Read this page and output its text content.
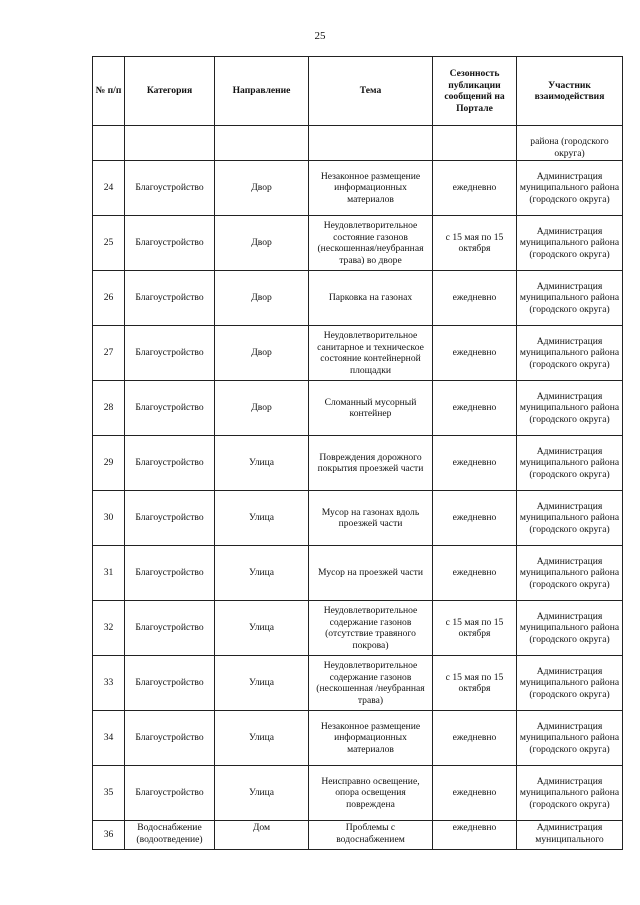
25
№ п/п	Категория	Направление	Тема	Сезонность публикации сообщений на Портале	Участник взаимодействия
					района (городского округа)
24	Благоустройство	Двор	Незаконное размещение информационных материалов	ежедневно	Администрация муниципального района (городского округа)
25	Благоустройство	Двор	Неудовлетворительное состояние газонов (нескошенная/неубранная трава) во дворе	с 15 мая по 15 октября	Администрация муниципального района (городского округа)
26	Благоустройство	Двор	Парковка на газонах	ежедневно	Администрация муниципального района (городского округа)
27	Благоустройство	Двор	Неудовлетворительное санитарное и техническое состояние контейнерной площадки	ежедневно	Администрация муниципального района (городского округа)
28	Благоустройство	Двор	Сломанный мусорный контейнер	ежедневно	Администрация муниципального района (городского округа)
29	Благоустройство	Улица	Повреждения дорожного покрытия проезжей части	ежедневно	Администрация муниципального района (городского округа)
30	Благоустройство	Улица	Мусор на газонах вдоль проезжей части	ежедневно	Администрация муниципального района (городского округа)
31	Благоустройство	Улица	Мусор на проезжей части	ежедневно	Администрация муниципального района (городского округа)
32	Благоустройство	Улица	Неудовлетворительное содержание газонов (отсутствие травяного покрова)	с 15 мая по 15 октября	Администрация муниципального района (городского округа)
33	Благоустройство	Улица	Неудовлетворительное содержание газонов (нескошенная /неубранная трава)	с 15 мая по 15 октября	Администрация муниципального района (городского округа)
34	Благоустройство	Улица	Незаконное размещение информационных материалов	ежедневно	Администрация муниципального района (городского округа)
35	Благоустройство	Улица	Неисправно освещение, опора освещения повреждена	ежедневно	Администрация муниципального района (городского округа)
36	Водоснабжение (водоотведение)	Дом	Проблемы с водоснабжением	ежедневно	Администрация муниципального
